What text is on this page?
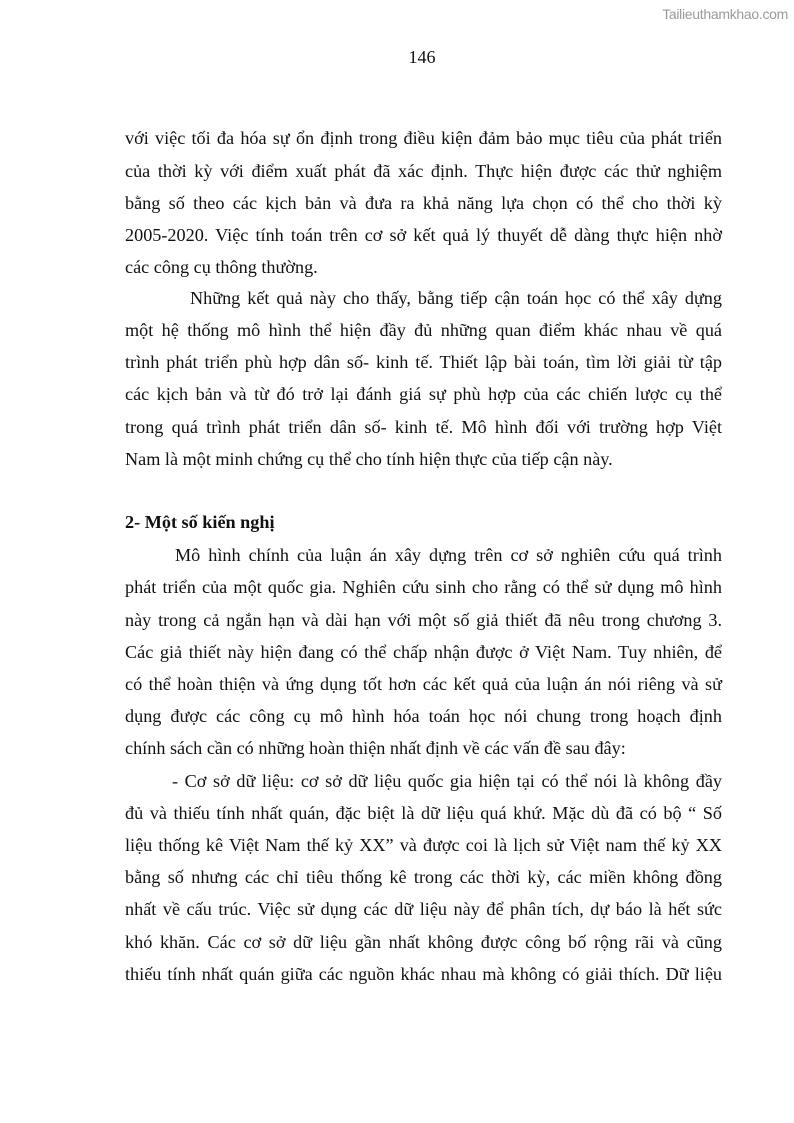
Tailieuthamkhao.com
146
2- Một số kiến nghị
với việc tối đa hóa sự ổn định trong điều kiện đảm bảo mục tiêu của phát triển
của thời kỳ với điểm xuất phát đã xác định. Thực hiện được các thử nghiệm
bằng số theo các kịch bản và đưa ra khả năng lựa chọn có thể cho thời kỳ
2005-2020. Việc tính toán trên cơ sở kết quả lý thuyết dễ dàng thực hiện nhờ
các công cụ thông thường.
Những kết quả này cho thấy, bằng tiếp cận toán học có thể xây dựng
một hệ thống mô hình thể hiện đầy đủ những quan điểm khác nhau về quá
trình phát triển phù hợp dân số- kinh tế. Thiết lập bài toán, tìm lời giải từ tập
các kịch bản và từ đó trở lại đánh giá sự phù hợp của các chiến lược cụ thể
trong quá trình phát triển dân số- kinh tế. Mô hình đối với trường hợp Việt
Nam là một minh chứng cụ thể cho tính hiện thực của tiếp cận này.
Mô hình chính của luận án xây dựng trên cơ sở nghiên cứu quá trình
phát triển của một quốc gia. Nghiên cứu sinh cho rằng có thể sử dụng mô hình
này trong cả ngắn hạn và dài hạn với một số giả thiết đã nêu trong chương 3.
Các giả thiết này hiện đang có thể chấp nhận được ở Việt Nam. Tuy nhiên, để
có thể hoàn thiện và ứng dụng tốt hơn các kết quả của luận án nói riêng và sử
dụng được các công cụ mô hình hóa toán học nói chung trong hoạch định
chính sách cần có những hoàn thiện nhất định về các vấn đề sau đây:
- Cơ sở dữ liệu: cơ sở dữ liệu quốc gia hiện tại có thể nói là không đầy
đủ và thiếu tính nhất quán, đặc biệt là dữ liệu quá khứ. Mặc dù đã có bộ “ Số
liệu thống kê Việt Nam thế kỷ XX” và được coi là lịch sử Việt nam thế kỷ XX
bằng số nhưng các chỉ tiêu thống kê trong các thời kỳ, các miền không đồng
nhất về cấu trúc. Việc sử dụng các dữ liệu này để phân tích, dự báo là hết sức
khó khăn. Các cơ sở dữ liệu gần nhất không được công bố rộng rãi và cũng
thiếu tính nhất quán giữa các nguồn khác nhau mà không có giải thích. Dữ liệu
